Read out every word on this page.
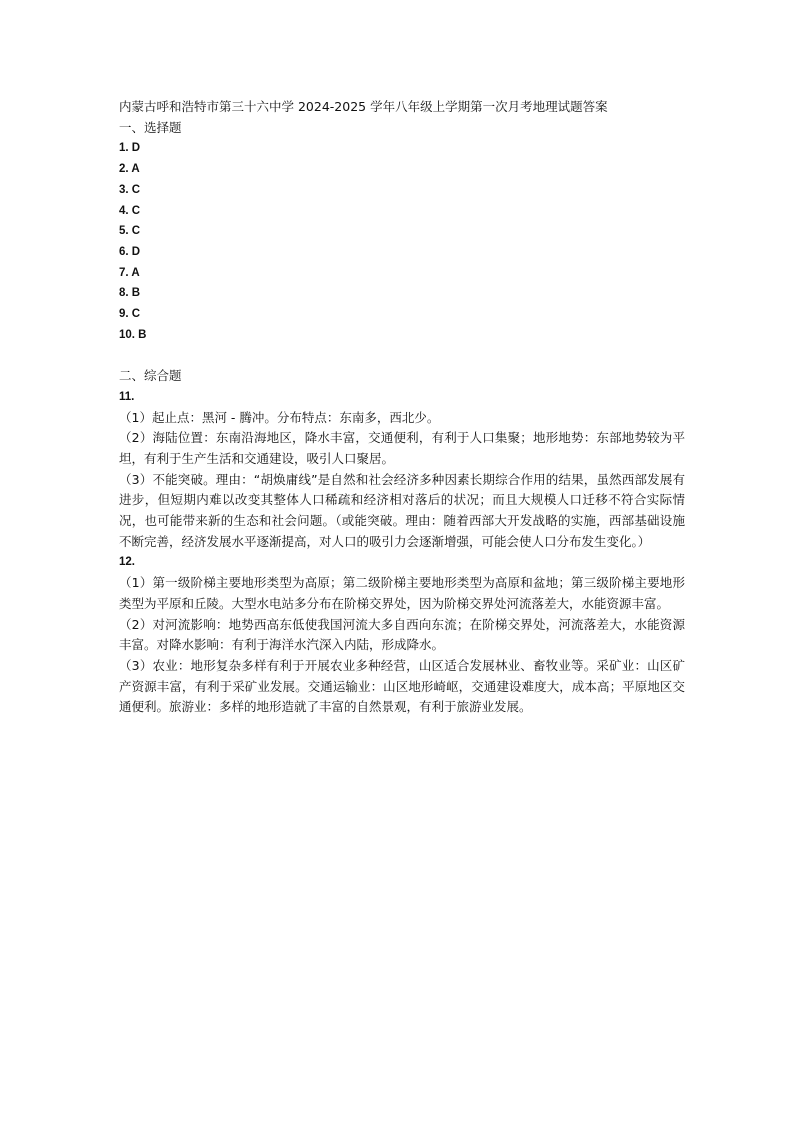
内蒙古呼和浩特市第三十六中学 2024-2025 学年八年级上学期第一次月考地理试题答案
一、选择题
1. D
2. A
3. C
4. C
5. C
6. D
7. A
8. B
9. C
10. B
二、综合题
11.
（1）起止点：黑河 - 腾冲。分布特点：东南多，西北少。
（2）海陆位置：东南沿海地区，降水丰富，交通便利，有利于人口集聚；地形地势：东部地势较为平坦，有利于生产生活和交通建设，吸引人口聚居。
（3）不能突破。理由：“胡焕庸线”是自然和社会经济多种因素长期综合作用的结果，虽然西部发展有进步，但短期内难以改变其整体人口稀疏和经济相对落后的状况；而且大规模人口迁移不符合实际情况，也可能带来新的生态和社会问题。（或能突破。理由：随着西部大开发战略的实施，西部基础设施不断完善，经济发展水平逐渐提高，对人口的吸引力会逐渐增强，可能会使人口分布发生变化。）
12.
（1）第一级阶梯主要地形类型为高原；第二级阶梯主要地形类型为高原和盆地；第三级阶梯主要地形类型为平原和丘陵。大型水电站多分布在阶梯交界处，因为阶梯交界处河流落差大，水能资源丰富。
（2）对河流影响：地势西高东低使我国河流大多自西向东流；在阶梯交界处，河流落差大，水能资源丰富。对降水影响：有利于海洋水汽深入内陆，形成降水。
（3）农业：地形复杂多样有利于开展农业多种经营，山区适合发展林业、畜牧业等。采矿业：山区矿产资源丰富，有利于采矿业发展。交通运输业：山区地形崎岖，交通建设难度大，成本高；平原地区交通便利。旅游业：多样的地形造就了丰富的自然景观，有利于旅游业发展。
